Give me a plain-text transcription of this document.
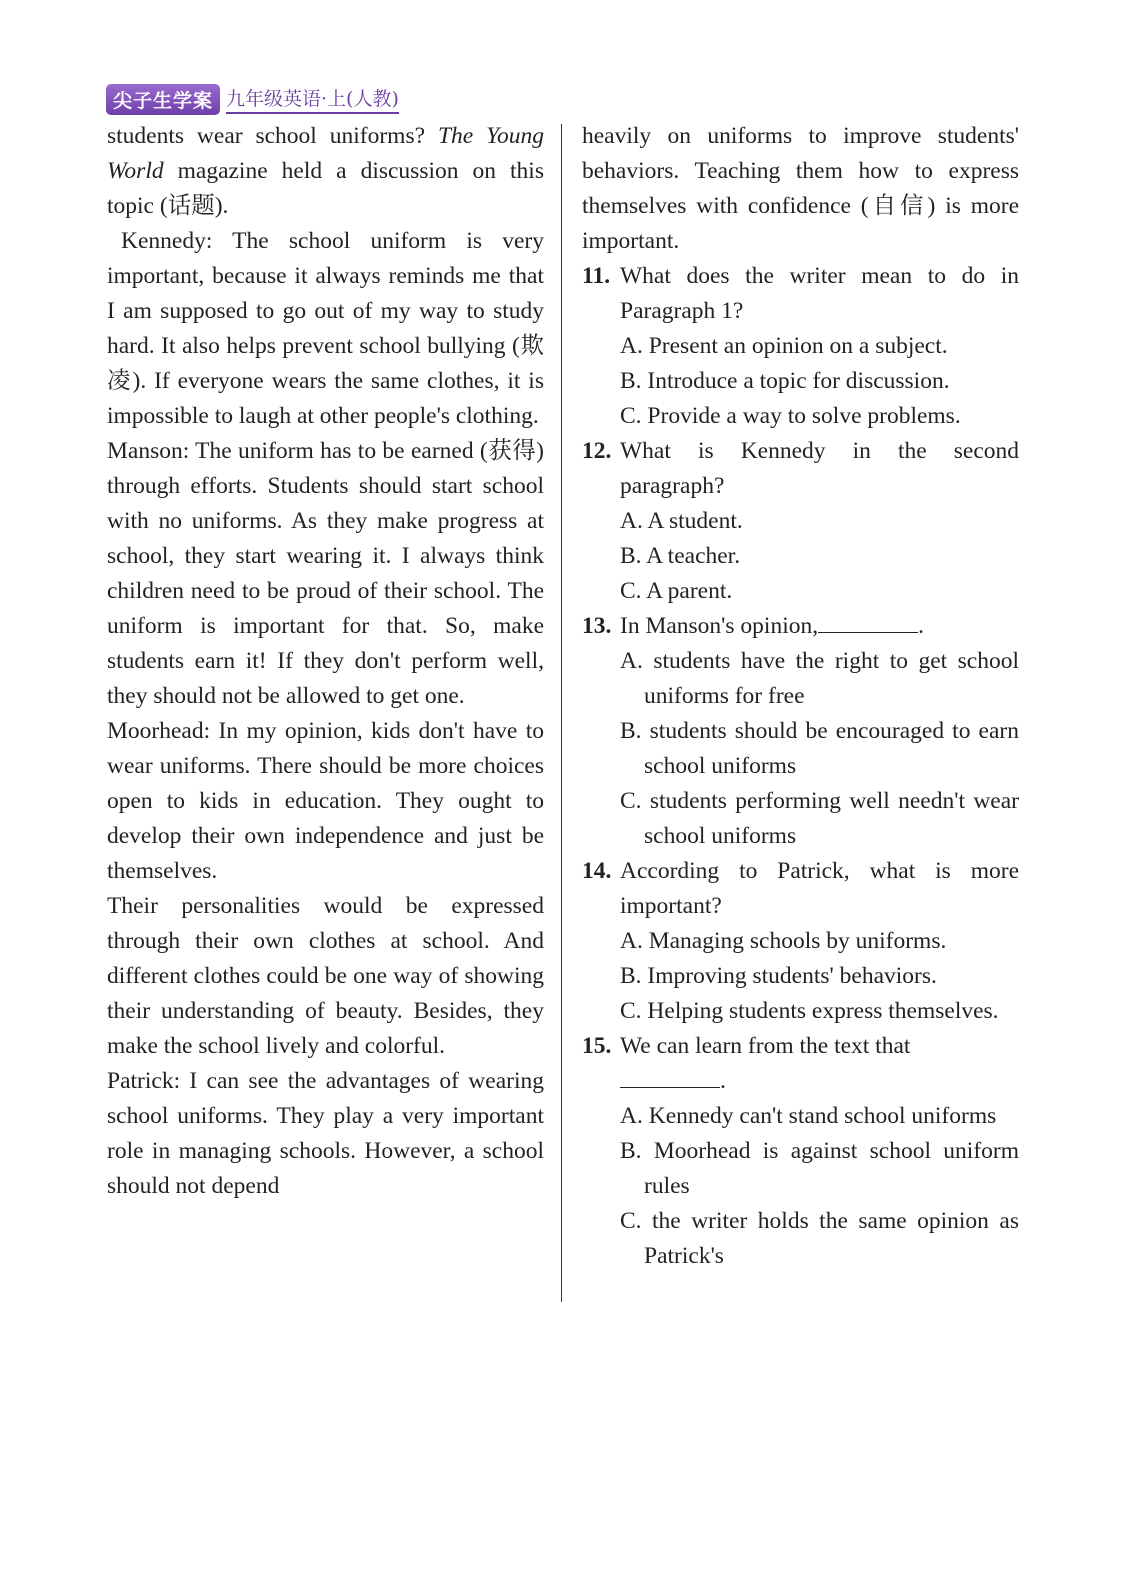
尖子生学案 九年级英语·上(人教)

students wear school uniforms? The Young World magazine held a discussion on this topic (话题).

Kennedy: The school uniform is very important, because it always reminds me that I am supposed to go out of my way to study hard. It also helps prevent school bullying (欺凌). If everyone wears the same clothes, it is impossible to laugh at other people's clothing.

Manson: The uniform has to be earned (获得) through efforts. Students should start school with no uniforms. As they make progress at school, they start wearing it. I always think children need to be proud of their school. The uniform is important for that. So, make students earn it! If they don't perform well, they should not be allowed to get one.

Moorhead: In my opinion, kids don't have to wear uniforms. There should be more choices open to kids in education. They ought to develop their own independence and just be themselves.

Their personalities would be expressed through their own clothes at school. And different clothes could be one way of showing their understanding of beauty. Besides, they make the school lively and colorful.

Patrick: I can see the advantages of wearing school uniforms. They play a very important role in managing schools. However, a school should not depend

heavily on uniforms to improve students' behaviors. Teaching them how to express themselves with confidence (自信) is more important.

11. What does the writer mean to do in Paragraph 1?
A. Present an opinion on a subject.
B. Introduce a topic for discussion.
C. Provide a way to solve problems.
12. What is Kennedy in the second paragraph?
A. A student.
B. A teacher.
C. A parent.
13. In Manson's opinion,	.
A. students have the right to get school uniforms for free
B. students should be encouraged to earn school uniforms
C. students performing well needn't wear school uniforms
14. According to Patrick, what is more important?
A. Managing schools by uniforms.
B. Improving students' behaviors.
C. Helping students express themselves.
15. We can learn from the text that
.
A. Kennedy can't stand school uniforms
B. Moorhead is against school uniform rules
C. the writer holds the same opinion as Patrick's
